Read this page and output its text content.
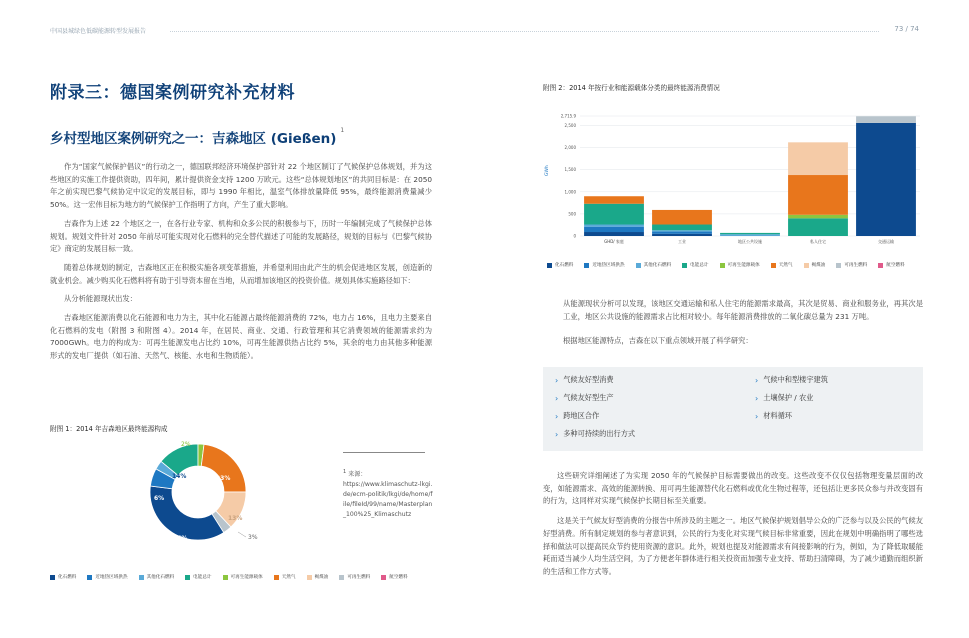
中国县城绿色低碳能源转型发展报告	73 / 74
附录三：德国案例研究补充材料
乡村型地区案例研究之一：吉森地区 (Gießen)$^1$

作为“国家气候保护倡议”的行动之一，德国联邦经济环境保护部针对 22 个地区制订了气候保护总体规划，并为这些地区的实施工作提供资助，四年间，累计提供资金支持 1200 万欧元。这些“总体规划地区”的共同目标是：在 2050 年之前实现巴黎气候协定中议定的发展目标，即与 1990 年相比，温室气体排放量降低 95%，最终能源消费量减少 50%。这一宏伟目标为地方的气候保护工作指明了方向，产生了重大影响。

吉森作为上述 22 个地区之一，在各行业专家、机构和众多公民的积极参与下，历时一年编制完成了气候保护总体规划。规划文件针对 2050 年前尽可能实现对化石燃料的完全替代描述了可能的发展路径，规划的目标与《巴黎气候协定》商定的发展目标一致。

随着总体规划的制定，吉森地区正在积极实施各项变革措施，并希望利用由此产生的机会促进地区发展，创造新的就业机会。减少购买化石燃料将有助于引导资本留在当地，从而增加该地区的投资价值。规划具体实施路径如下：

从分析能源现状出发：

吉森地区能源消费以化石能源和电力为主，其中化石能源占最终能源消费的 72%，电力占 16%，且电力主要来自化石燃料的发电（附图 3 和附图 4）。2014 年，在居民、商业、交通、行政管理和其它消费领域的能源需求约为 7000GWh。电力的构成为：可再生能源发电占比约 10%，可再生能源供热占比约 5%，其余的电力由其他多种能源形式的发电厂提供（如石油、天然气、核能、水电和生物质能）。

附图 1：2014 年吉森地区最终能源构成
2%
14%
6%
36%
23%
13%
3%
$^1$ 来源：
https://www.klimaschutz-lkgi.de/ecm-politik/lkgi/de/home/file/fileId/99/name/Masterplan_100%25_Klimaschutz
化石燃料	近地热区域供热	其他化石燃料	电能总计	可再生能源载体	天然气	褐煤油	可再生燃料	航空燃料
附图 2：2014 年按行业和能源载体分类的最终能源消费情况
0
500
1,000
1,500
2,000
2,500
2,715.9
GWh
GHD/ 家庭	工业	地区公共设施	私人住宅	交通运输
化石燃料	近地热区域供热	其他化石燃料	电能总计	可再生能源载体	天然气	褐煤油	可再生燃料	航空燃料

从能源现状分析可以发现，该地区交通运输和私人住宅的能源需求最高，其次是贸易、商业和服务业，再其次是工业，地区公共设施的能源需求占比相对较小。每年能源消费排放的二氧化碳总量为 231 万吨。

根据地区能源特点，吉森在以下重点领域开展了科学研究：

› 气候友好型消费
› 气候友好型生产
› 跨地区合作
› 多种可持续的出行方式
› 气候中和型楼宇建筑
› 土壤保护 / 农业
› 材料循环

这些研究详细阐述了为实现 2050 年的气候保护目标需要做出的改变。这些改变不仅仅包括物理变量层面的改变，如能源需求、高效的能源转换、用可再生能源替代化石燃料或优化生物过程等，还包括让更多民众参与并改变固有的行为，这同样对实现气候保护长期目标至关重要。

这是关于气候友好型消费的分报告中所涉及的主题之一。地区气候保护规划倡导公众的广泛参与以及公民的气候友好型消费。所有制定规划的参与者意识到，公民的行为变化对实现气候目标非常重要，因此在规划中明确指明了哪些选择和做法可以提高民众节约使用资源的意识。此外，规划也提及对能源需求有间接影响的行为，例如，为了降低取暖能耗而适当减少人均生活空间，为了方便老年群体进行相关投资而加强专业支持、帮助扫清障碍，为了减少通勤而组织新的生活和工作方式等。
